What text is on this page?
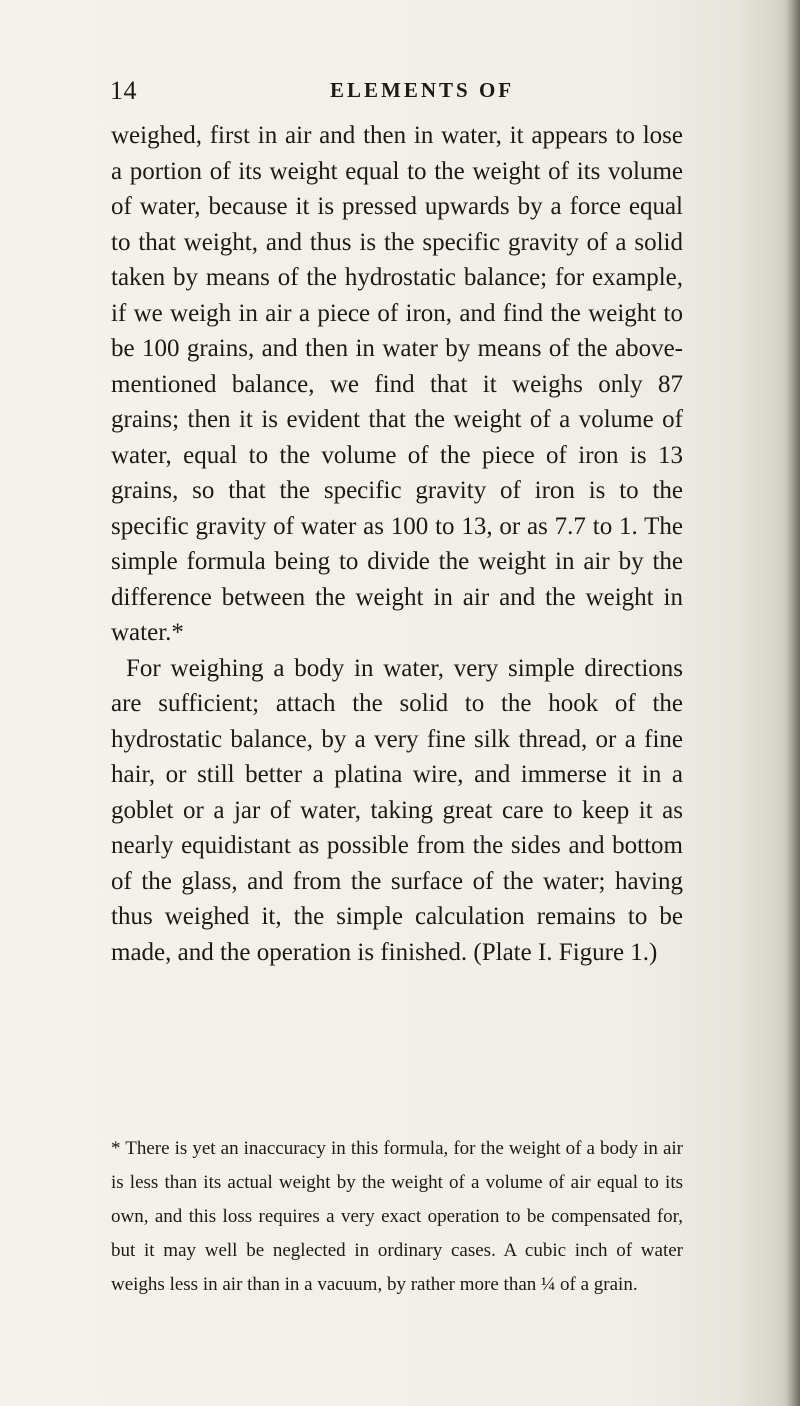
14	ELEMENTS OF

weighed, first in air and then in water, it appears to lose a portion of its weight equal to the weight of its volume of water, because it is pressed upwards by a force equal to that weight, and thus is the specific gravity of a solid taken by means of the hydrostatic balance; for example, if we weigh in air a piece of iron, and find the weight to be 100 grains, and then in water by means of the above-mentioned balance, we find that it weighs only 87 grains; then it is evident that the weight of a volume of water, equal to the volume of the piece of iron is 13 grains, so that the specific gravity of iron is to the specific gravity of water as 100 to 13, or as 7.7 to 1. The simple formula being to divide the weight in air by the difference between the weight in air and the weight in water.*

For weighing a body in water, very simple directions are sufficient; attach the solid to the hook of the hydrostatic balance, by a very fine silk thread, or a fine hair, or still better a platina wire, and immerse it in a goblet or a jar of water, taking great care to keep it as nearly equidistant as possible from the sides and bottom of the glass, and from the surface of the water; having thus weighed it, the simple calculation remains to be made, and the operation is finished. (Plate I. Figure 1.)

* There is yet an inaccuracy in this formula, for the weight of a body in air is less than its actual weight by the weight of a volume of air equal to its own, and this loss requires a very exact operation to be compensated for, but it may well be neglected in ordinary cases. A cubic inch of water weighs less in air than in a vacuum, by rather more than ¼ of a grain.
